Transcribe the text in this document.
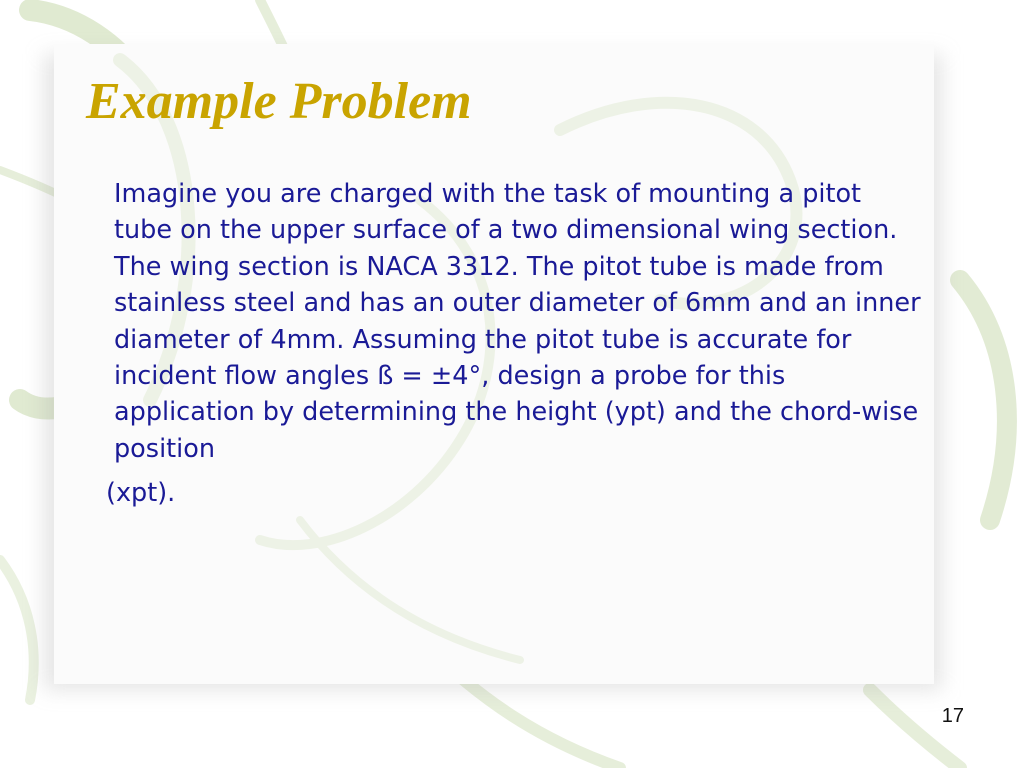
Example Problem

Imagine you are charged with the task of mounting a pitot tube on the upper surface of a two dimensional wing section. The wing section is NACA 3312. The pitot tube is made from stainless steel and has an outer diameter of 6mm and an inner diameter of 4mm. Assuming the pitot tube is accurate for incident flow angles ß = ±4°, design a probe for this application by determining the height (ypt) and the chord-wise position
(xpt).

17
